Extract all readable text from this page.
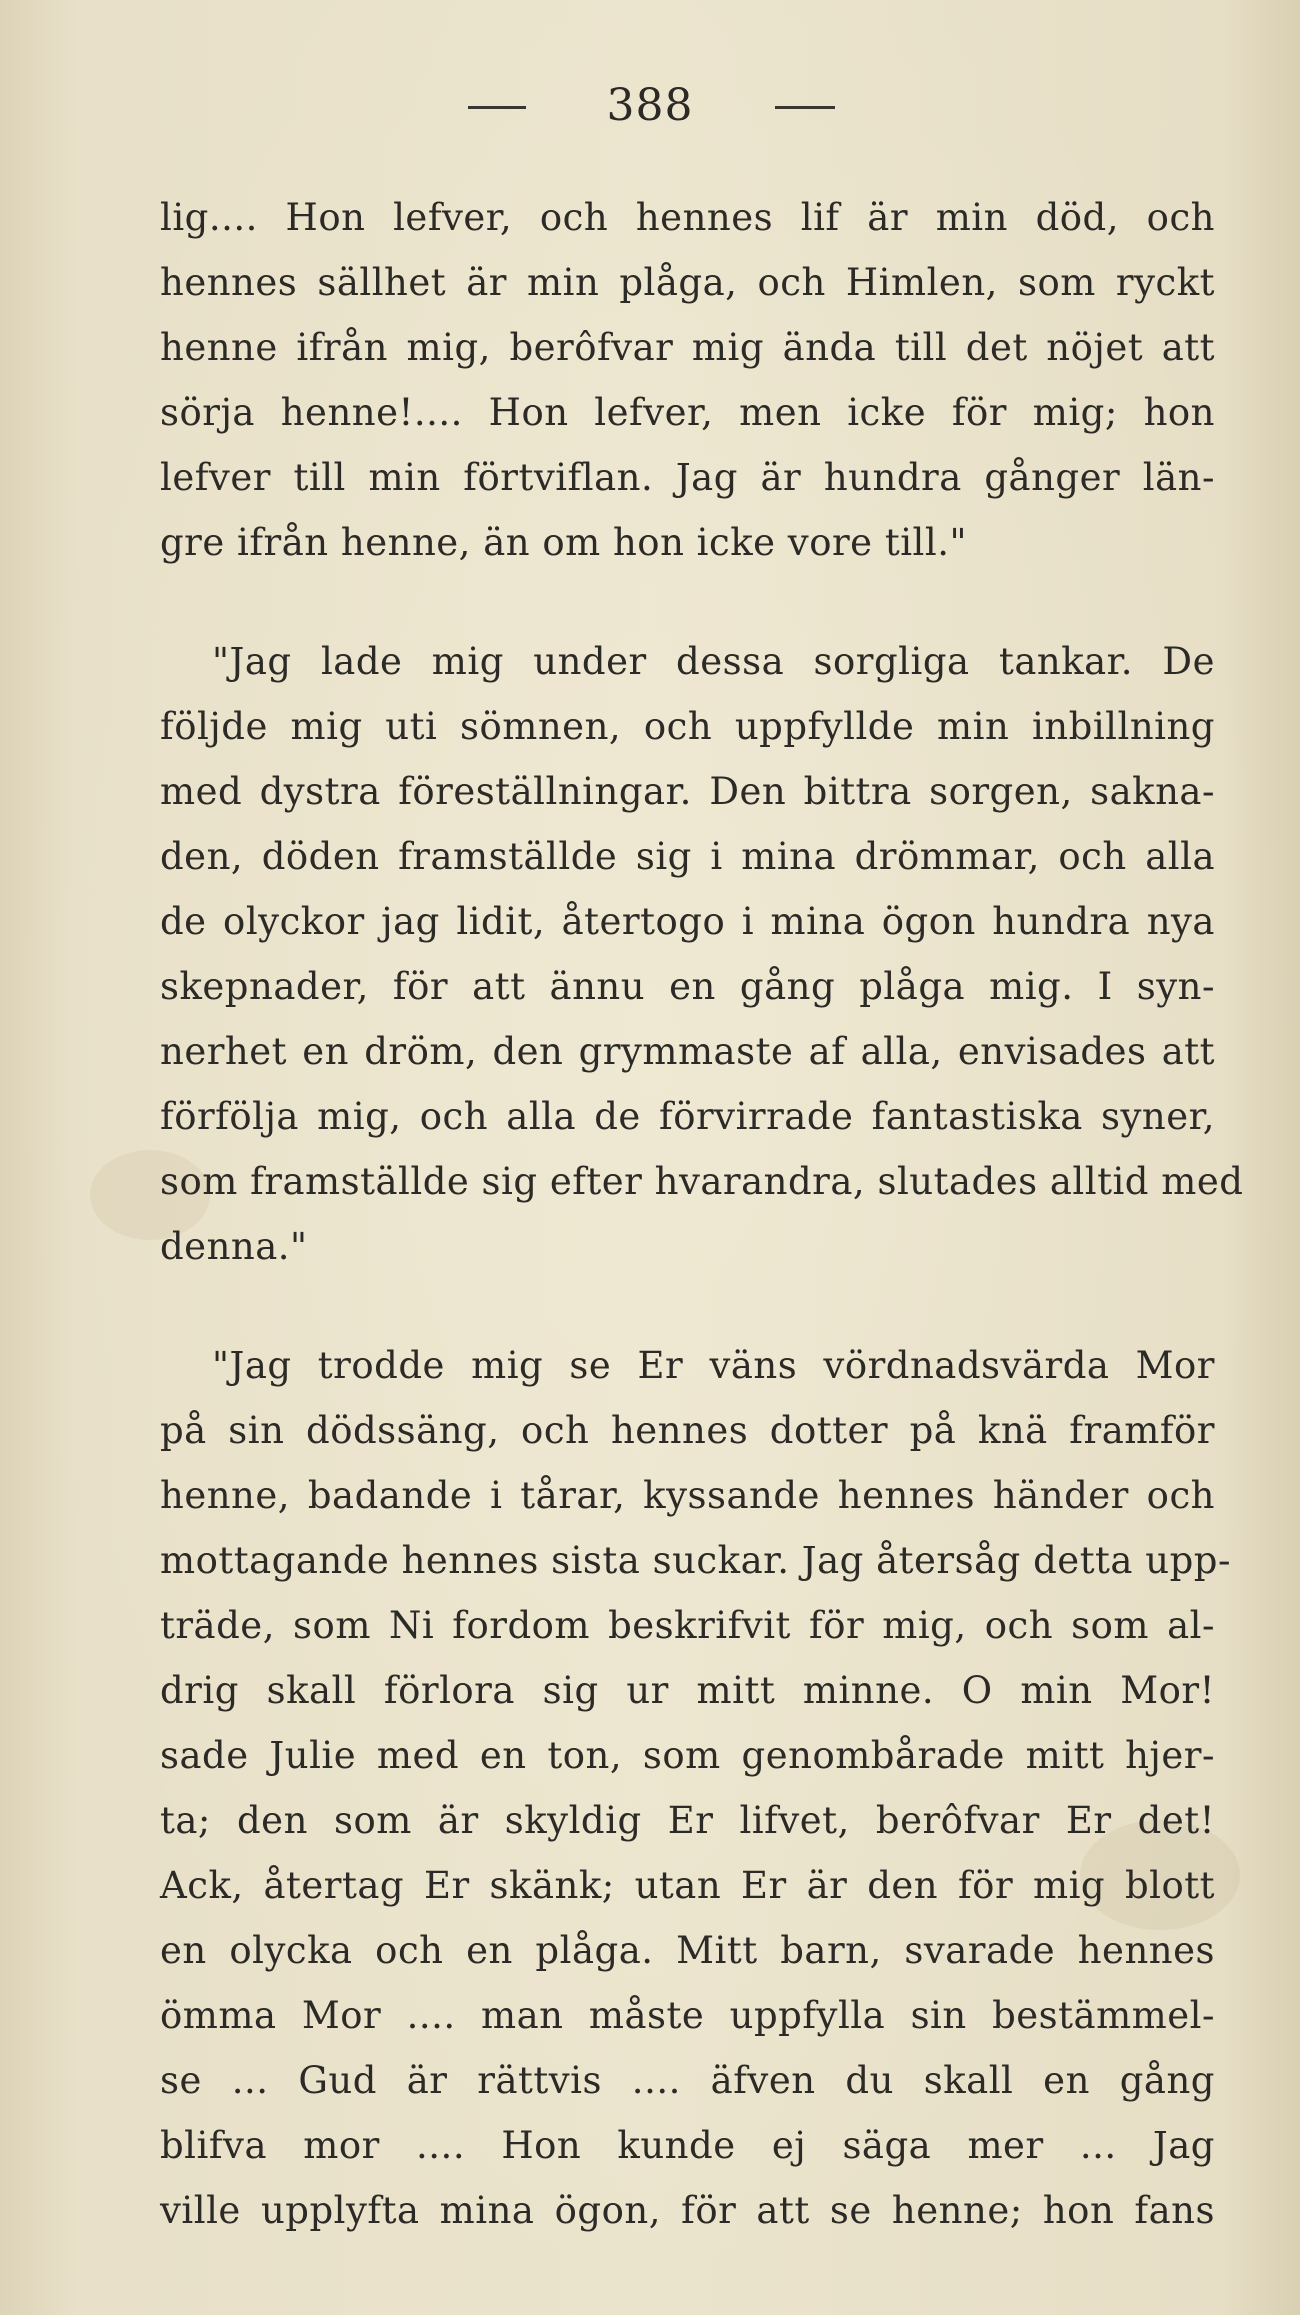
388
lig.... Hon lefver, och hennes lif är min död, och
hennes sällhet är min plåga, och Himlen, som ryckt
henne ifrån mig, berôfvar mig ända till det nöjet att
sörja henne!.... Hon lefver, men icke för mig; hon
lefver till min förtviflan. Jag är hundra gånger län-
gre ifrån henne, än om hon icke vore till."
"Jag lade mig under dessa sorgliga tankar. De
följde mig uti sömnen, och uppfyllde min inbillning
med dystra föreställningar. Den bittra sorgen, sakna-
den, döden framställde sig i mina drömmar, och alla
de olyckor jag lidit, återtogo i mina ögon hundra nya
skepnader, för att ännu en gång plåga mig. I syn-
nerhet en dröm, den grymmaste af alla, envisades att
förfölja mig, och alla de förvirrade fantastiska syner,
som framställde sig efter hvarandra, slutades alltid med
denna."
"Jag trodde mig se Er väns vördnadsvärda Mor
på sin dödssäng, och hennes dotter på knä framför
henne, badande i tårar, kyssande hennes händer och
mottagande hennes sista suckar. Jag återsåg detta upp-
träde, som Ni fordom beskrifvit för mig, och som al-
drig skall förlora sig ur mitt minne. O min Mor!
sade Julie med en ton, som genombårade mitt hjer-
ta; den som är skyldig Er lifvet, berôfvar Er det!
Ack, återtag Er skänk; utan Er är den för mig blott
en olycka och en plåga. Mitt barn, svarade hennes
ömma Mor .... man måste uppfylla sin bestämmel-
se ... Gud är rättvis .... äfven du skall en gång
blifva mor .... Hon kunde ej säga mer ... Jag
ville upplyfta mina ögon, för att se henne; hon fans
